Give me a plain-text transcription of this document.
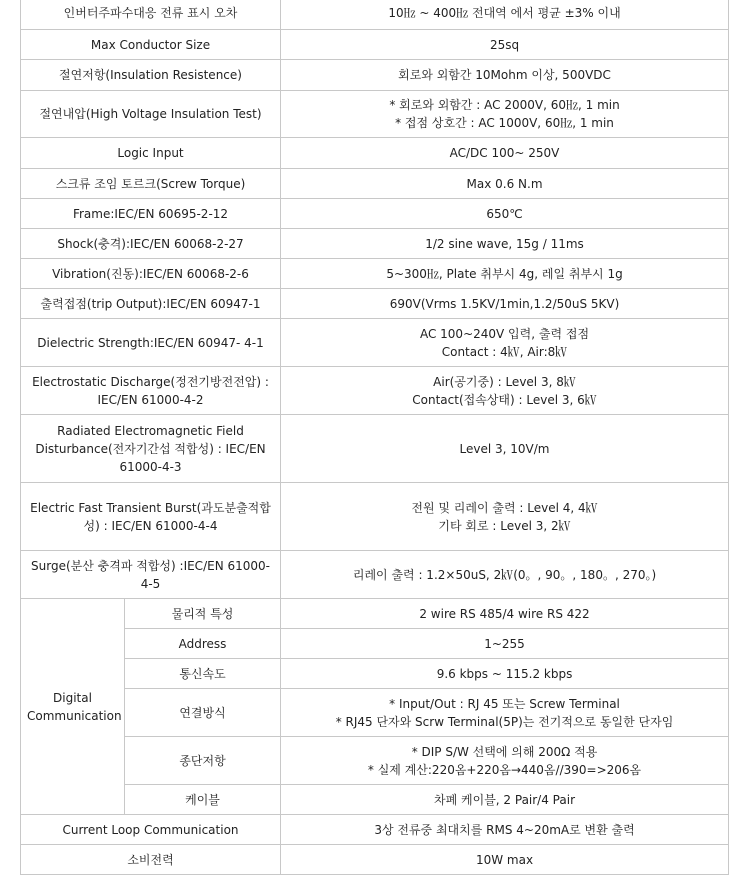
인버터주파수대응 전류 표시 오차		10㎐ ~ 400㎐ 전대역 에서 평균 ±3% 이내

Max Conductor Size		25sq

절연저항(Insulation Resistence)		회로와 외함간 10Mohm 이상, 500VDC

절연내압(High Voltage Insulation Test)		* 회로와 외함간 : AC 2000V, 60㎐, 1 min
* 접점 상호간 : AC 1000V, 60㎐, 1 min

Logic Input		AC/DC 100~ 250V

스크류 조임 토르크(Screw Torque)		Max 0.6 N.m

Frame:IEC/EN 60695-2-12		650℃

Shock(충격):IEC/EN 60068-2-27		1/2 sine wave, 15g / 11ms

Vibration(진동):IEC/EN 60068-2-6		5~300㎐, Plate 취부시 4g, 레일 취부시 1g

출력접점(trip Output):IEC/EN 60947-1		690V(Vrms 1.5KV/1min,1.2/50uS 5KV)

Dielectric Strength:IEC/EN 60947- 4-1		AC 100~240V 입력, 출력 접점
Contact : 4㎸, Air:8㎸

Electrostatic Discharge(정전기방전전압) : IEC/EN 61000-4-2		Air(공기중) : Level 3, 8㎸
Contact(접속상태) : Level 3, 6㎸

Radiated Electromagnetic Field Disturbance(전자기간섭 적합성) : IEC/EN 61000-4-3		Level 3, 10V/m

Electric Fast Transient Burst(과도분출적합성) : IEC/EN 61000-4-4		전원 및 리레이 출력 : Level 4, 4㎸
기타 회로 : Level 3, 2㎸

Surge(분산 충격파 적합성) :IEC/EN 61000-4-5		리레이 출력 : 1.2×50uS, 2㎸(0。, 90。, 180。, 270。)

Digital Communication	물리적 특성	2 wire RS 485/4 wire RS 422

	Address	1~255

	통신속도	9.6 kbps ~ 115.2 kbps

	연결방식	* Input/Out : RJ 45 또는 Screw Terminal
* RJ45 단자와 Scrw Terminal(5P)는 전기적으로 동일한 단자임

	종단저항	* DIP S/W 선택에 의해 200Ω 적용
* 실제 계산:220옴+220옴→440옴//390=>206옴

	케이블	차폐 케이블, 2 Pair/4 Pair

Current Loop Communication		3상 전류중 최대치를 RMS 4~20mA로 변환 출력

소비전력		10W max
